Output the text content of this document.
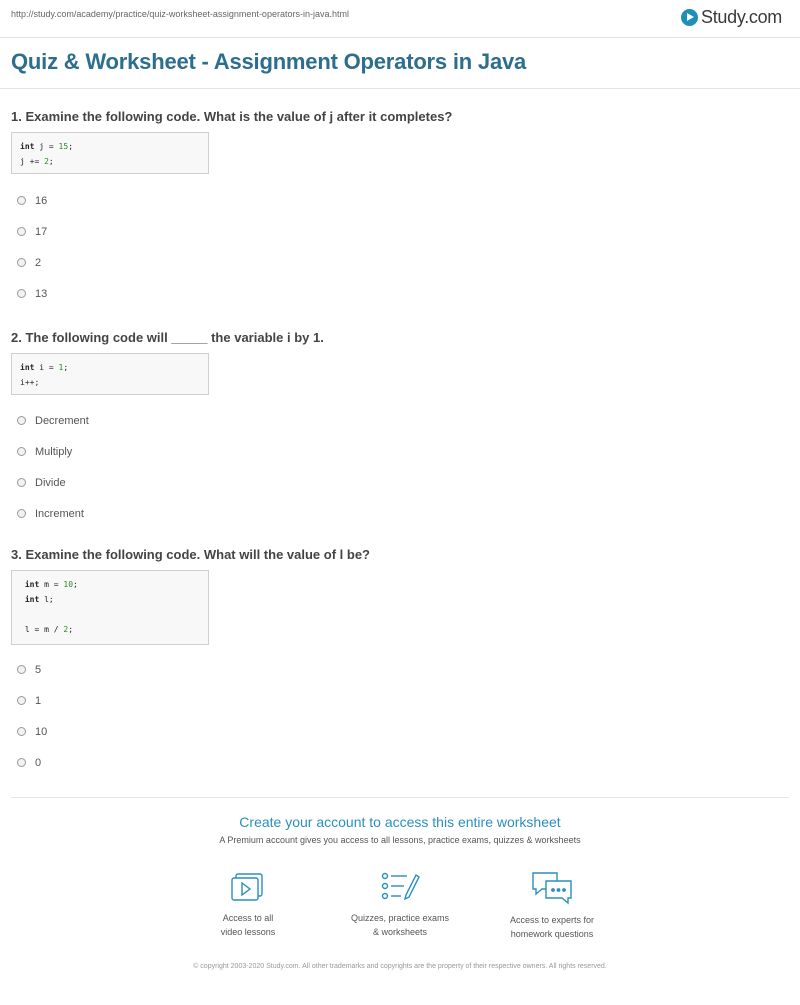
http://study.com/academy/practice/quiz-worksheet-assignment-operators-in-java.html	Study.com
Quiz & Worksheet - Assignment Operators in Java

1. Examine the following code. What is the value of j after it completes?

int j = 15;
j += 2;
16
17
2
13

2. The following code will _____ the variable i by 1.

int i = 1;
i++;
Decrement
Multiply
Divide
Increment

3. Examine the following code. What will the value of l be?

int m = 10;
int l;
l = m / 2;
5
1
10
0
Create your account to access this entire worksheet
A Premium account gives you access to all lessons, practice exams, quizzes & worksheets
Access to all
video lessons
Quizzes, practice exams
& worksheets
Access to experts for
homework questions
© copyright 2003-2020 Study.com. All other trademarks and copyrights are the property of their respective owners. All rights reserved.
